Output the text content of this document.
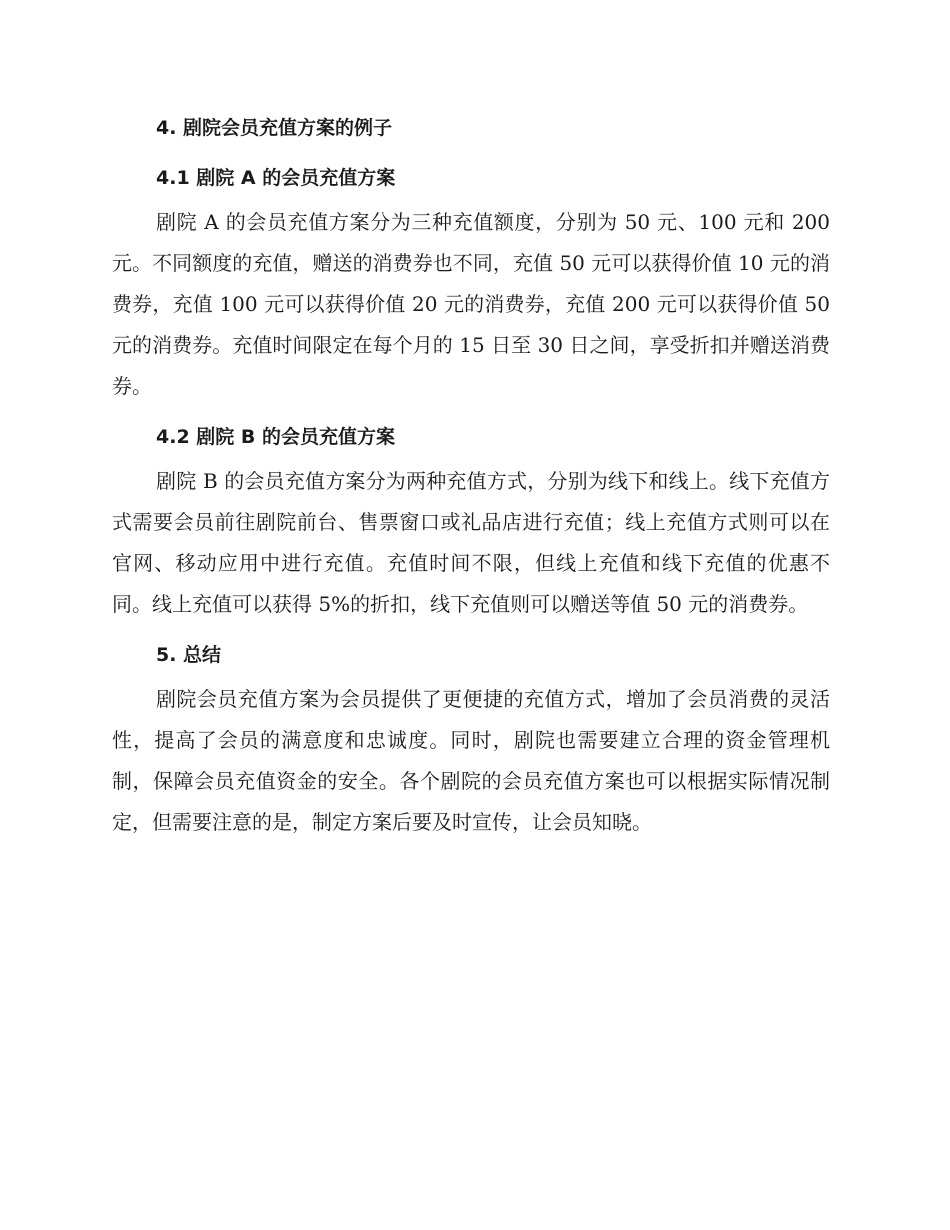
4. 剧院会员充值方案的例子
4.1 剧院 A 的会员充值方案

剧院 A 的会员充值方案分为三种充值额度，分别为 50 元、100 元和 200 元。不同额度的充值，赠送的消费券也不同，充值 50 元可以获得价值 10 元的消费券，充值 100 元可以获得价值 20 元的消费券，充值 200 元可以获得价值 50 元的消费券。充值时间限定在每个月的 15 日至 30 日之间，享受折扣并赠送消费券。

4.2 剧院 B 的会员充值方案

剧院 B 的会员充值方案分为两种充值方式，分别为线下和线上。线下充值方式需要会员前往剧院前台、售票窗口或礼品店进行充值；线上充值方式则可以在官网、移动应用中进行充值。充值时间不限，但线上充值和线下充值的优惠不同。线上充值可以获得 5%的折扣，线下充值则可以赠送等值 50 元的消费券。

5. 总结

剧院会员充值方案为会员提供了更便捷的充值方式，增加了会员消费的灵活性，提高了会员的满意度和忠诚度。同时，剧院也需要建立合理的资金管理机制，保障会员充值资金的安全。各个剧院的会员充值方案也可以根据实际情况制定，但需要注意的是，制定方案后要及时宣传，让会员知晓。
